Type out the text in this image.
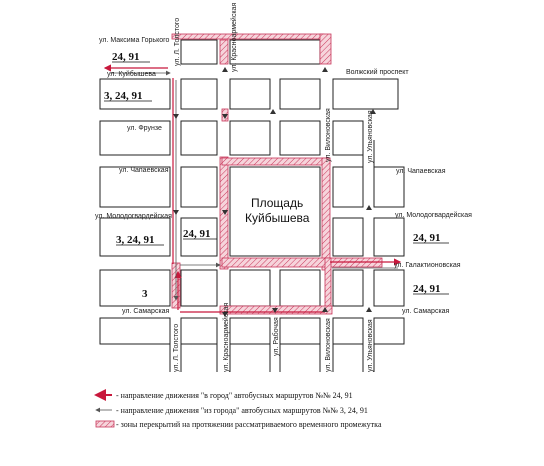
ул. Максима Горького
ул. Куйбышева	Волжский проспект
ул. Фрунзе
ул. Чапаевская	ул. Чапаевская
ул. Молодогвардейская	ул. Молодогвардейская
ул. Галактионовская
ул. Самарская	ул. Самарская
ул. Л. Толстого	ул. Красноармейская
ул. Вилоновская	ул. Ульяновская
ул. Л. Толстого	ул. Красноармейская	ул. Рабочая	ул. Вилоновская	ул. Ульяновская
Площадь
Куйбышева
24, 91
3, 24, 91
3, 24, 91	24, 91	24, 91
24, 91
3
- направление движения "в город" автобусных маршрутов №№ 24, 91
- направление движения "из города" автобусных маршрутов №№ 3, 24, 91
- зоны перекрытий на протяжении рассматриваемого временного промежутка
